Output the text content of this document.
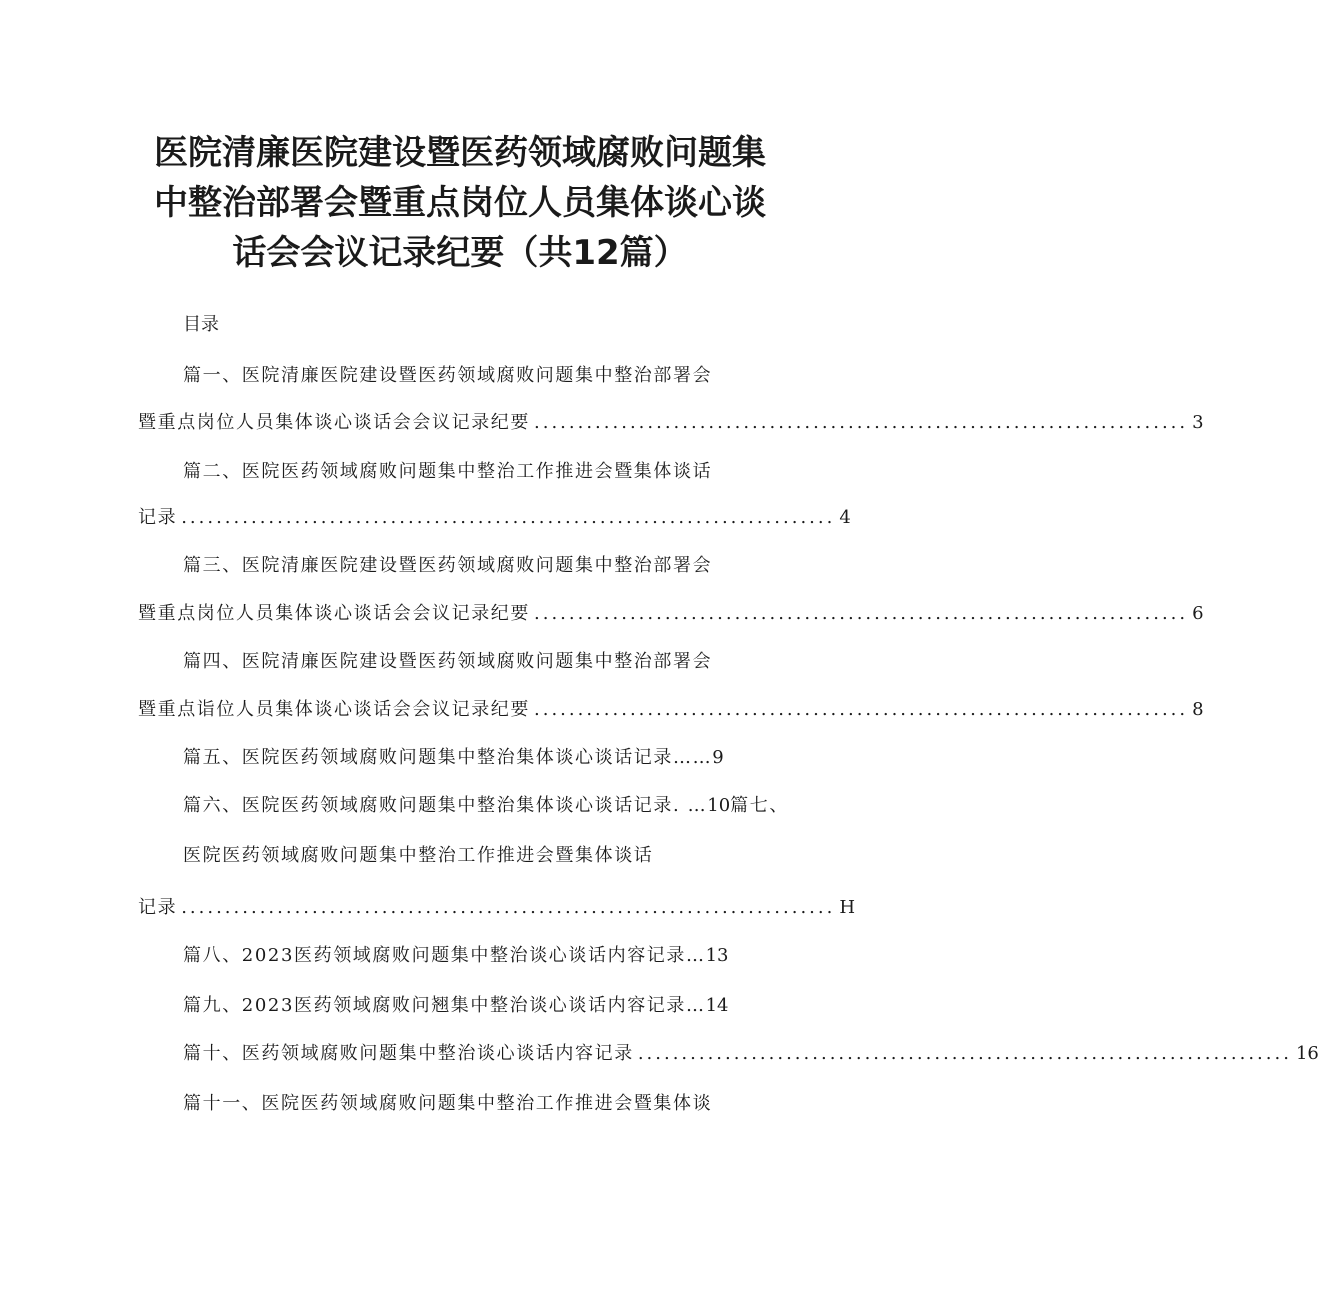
医院清廉医院建设暨医药领域腐败问题集
中整治部署会暨重点岗位人员集体谈心谈
话会会议记录纪要（共12篇）
目录
篇一、医院清廉医院建设暨医药领域腐败问题集中整治部署会
暨重点岗位人员集体谈心谈话会会议记录纪要 ........................................................................... 3
篇二、医院医药领域腐败问题集中整治工作推进会暨集体谈话
记录 ........................................................................... 4
篇三、医院清廉医院建设暨医药领域腐败问题集中整治部署会
暨重点岗位人员集体谈心谈话会会议记录纪要 ........................................................................... 6
篇四、医院清廉医院建设暨医药领域腐败问题集中整治部署会
暨重点诣位人员集体谈心谈话会会议记录纪要 ........................................................................... 8
篇五、医院医药领域腐败问题集中整治集体谈心谈话记录……9
篇六、医院医药领域腐败问题集中整治集体谈心谈话记录. …10篇七、
医院医药领域腐败问题集中整治工作推进会暨集体谈话
记录 ........................................................................... H
篇八、2023医药领域腐败问题集中整治谈心谈话内容记录…13
篇九、2023医药领域腐败问翘集中整治谈心谈话内容记录…14
篇十、医药领域腐败问题集中整治谈心谈话内容记录 ........................................................................... 16
篇十一、医院医药领域腐败问题集中整治工作推进会暨集体谈
